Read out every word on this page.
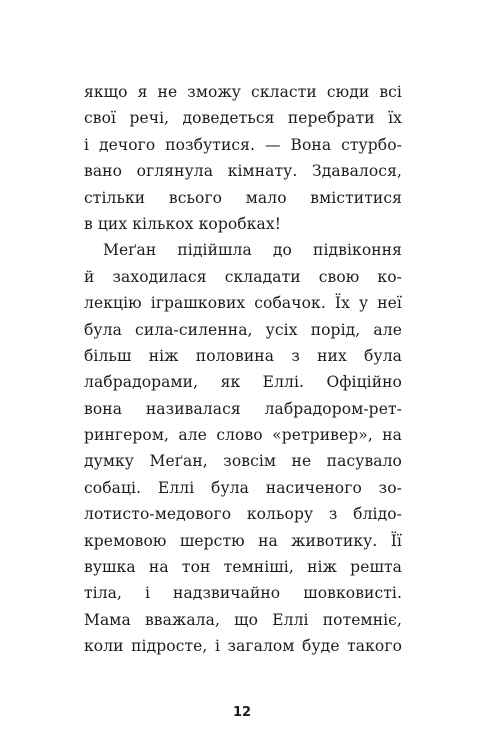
якщо я не зможу скласти сюди всі
свої речі, доведеться перебрати їх
і дечого позбутися. — Вона стурбо-
вано оглянула кімнату. Здавалося,
стільки всього мало вміститися
в цих кількох коробках!
Меґан підійшла до підвіконня
й заходилася складати свою ко-
лекцію іграшкових собачок. Їх у неї
була сила-силенна, усіх порід, але
більш ніж половина з них була
лабрадорами, як Еллі. Офіційно
вона називалася лабрадором-рет-
рингером, але слово «ретривер», на
думку Меґан, зовсім не пасувало
собаці. Еллі була насиченого зо-
лотисто-медового кольору з блідо-
кремовою шерстю на животику. Її
вушка на тон темніші, ніж решта
тіла, і надзвичайно шовковисті.
Мама вважала, що Еллі потемніє,
коли підросте, і загалом буде такого
12
